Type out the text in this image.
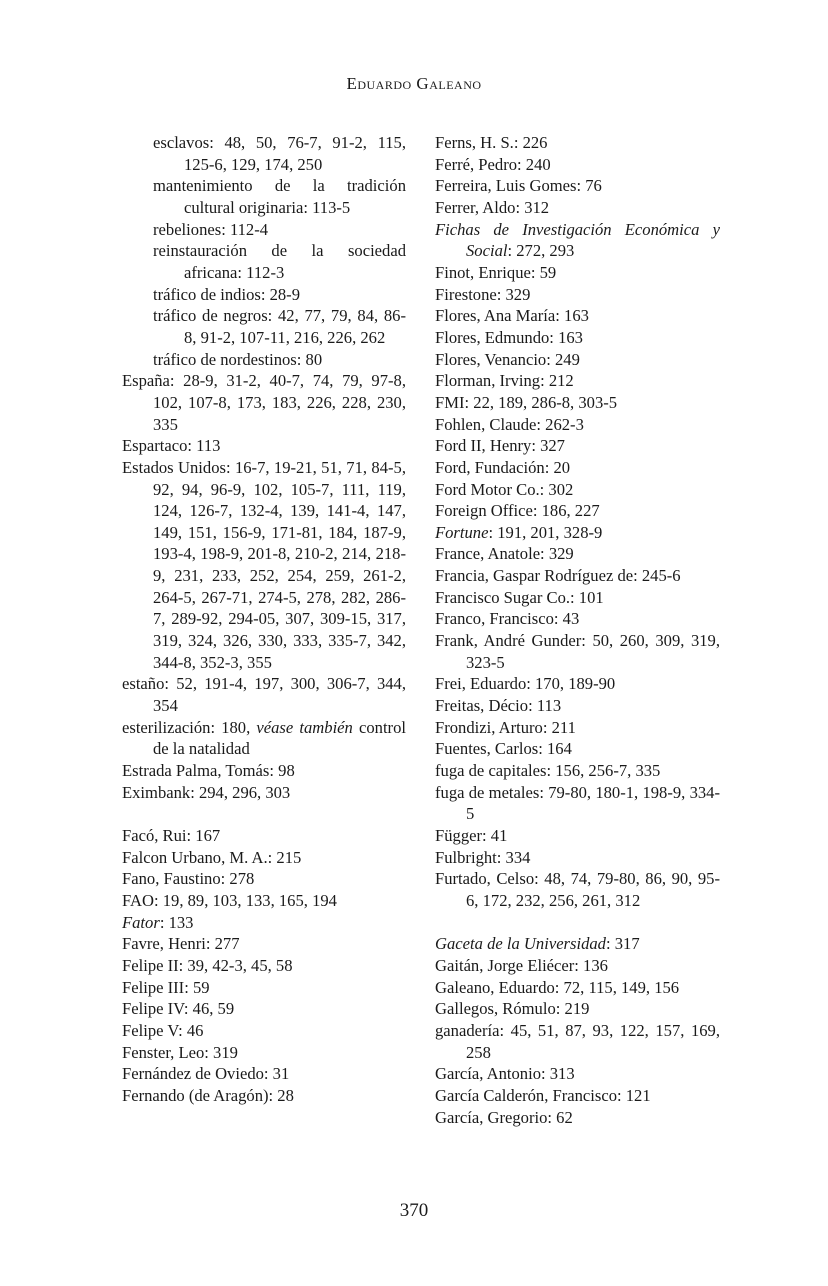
Eduardo Galeano
esclavos: 48, 50, 76-7, 91-2, 115, 125-6, 129, 174, 250
mantenimiento de la tradición cultural originaria: 113-5
rebeliones: 112-4
reinstauración de la sociedad africana: 112-3
tráfico de indios: 28-9
tráfico de negros: 42, 77, 79, 84, 86-8, 91-2, 107-11, 216, 226, 262
tráfico de nordestinos: 80
España: 28-9, 31-2, 40-7, 74, 79, 97-8, 102, 107-8, 173, 183, 226, 228, 230, 335
Espartaco: 113
Estados Unidos: 16-7, 19-21, 51, 71, 84-5, 92, 94, 96-9, 102, 105-7, 111, 119, 124, 126-7, 132-4, 139, 141-4, 147, 149, 151, 156-9, 171-81, 184, 187-9, 193-4, 198-9, 201-8, 210-2, 214, 218-9, 231, 233, 252, 254, 259, 261-2, 264-5, 267-71, 274-5, 278, 282, 286-7, 289-92, 294-05, 307, 309-15, 317, 319, 324, 326, 330, 333, 335-7, 342, 344-8, 352-3, 355
estaño: 52, 191-4, 197, 300, 306-7, 344, 354
esterilización: 180, véase también control de la natalidad
Estrada Palma, Tomás: 98
Eximbank: 294, 296, 303
Facó, Rui: 167
Falcon Urbano, M. A.: 215
Fano, Faustino: 278
FAO: 19, 89, 103, 133, 165, 194
Fator: 133
Favre, Henri: 277
Felipe II: 39, 42-3, 45, 58
Felipe III: 59
Felipe IV: 46, 59
Felipe V: 46
Fenster, Leo: 319
Fernández de Oviedo: 31
Fernando (de Aragón): 28
Ferns, H. S.: 226
Ferré, Pedro: 240
Ferreira, Luis Gomes: 76
Ferrer, Aldo: 312
Fichas de Investigación Económica y Social: 272, 293
Finot, Enrique: 59
Firestone: 329
Flores, Ana María: 163
Flores, Edmundo: 163
Flores, Venancio: 249
Florman, Irving: 212
FMI: 22, 189, 286-8, 303-5
Fohlen, Claude: 262-3
Ford II, Henry: 327
Ford, Fundación: 20
Ford Motor Co.: 302
Foreign Office: 186, 227
Fortune: 191, 201, 328-9
France, Anatole: 329
Francia, Gaspar Rodríguez de: 245-6
Francisco Sugar Co.: 101
Franco, Francisco: 43
Frank, André Gunder: 50, 260, 309, 319, 323-5
Frei, Eduardo: 170, 189-90
Freitas, Décio: 113
Frondizi, Arturo: 211
Fuentes, Carlos: 164
fuga de capitales: 156, 256-7, 335
fuga de metales: 79-80, 180-1, 198-9, 334-5
Függer: 41
Fulbright: 334
Furtado, Celso: 48, 74, 79-80, 86, 90, 95-6, 172, 232, 256, 261, 312
Gaceta de la Universidad: 317
Gaitán, Jorge Eliécer: 136
Galeano, Eduardo: 72, 115, 149, 156
Gallegos, Rómulo: 219
ganadería: 45, 51, 87, 93, 122, 157, 169, 258
García, Antonio: 313
García Calderón, Francisco: 121
García, Gregorio: 62
370
